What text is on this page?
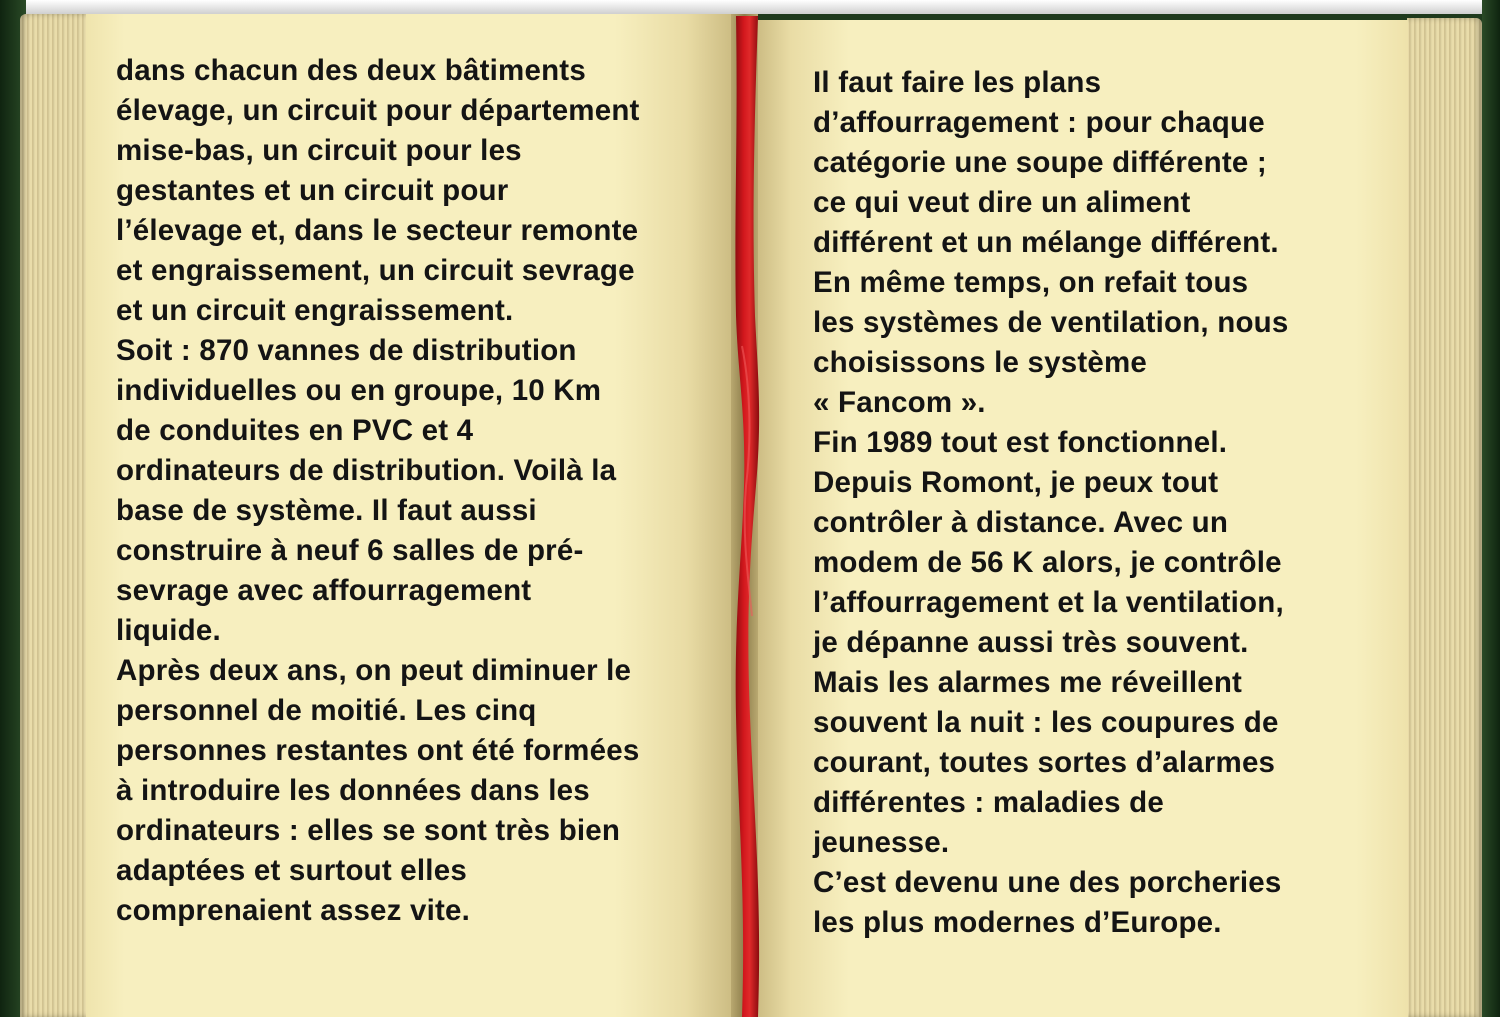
dans chacun des deux bâtiments
élevage, un circuit pour département
mise-bas, un circuit pour les
gestantes et un circuit pour
l’élevage et, dans le secteur remonte
et engraissement, un circuit sevrage
et un circuit engraissement.

Soit : 870 vannes de distribution
individuelles ou en groupe, 10 Km
de conduites en PVC et 4
ordinateurs de distribution. Voilà la
base de système. Il faut aussi
construire à neuf 6 salles de pré-
sevrage avec affourragement
liquide.

Après deux ans, on peut diminuer le
personnel de moitié. Les cinq
personnes restantes ont été formées
à introduire les données dans les
ordinateurs : elles se sont très bien
adaptées et surtout elles
comprenaient assez vite.

Il faut faire les plans
d’affourragement : pour chaque
catégorie une soupe différente ;
ce qui veut dire un aliment
différent et un mélange différent.

En même temps, on refait tous
les systèmes de ventilation, nous
choisissons le système
« Fancom ».

Fin 1989 tout est fonctionnel.
Depuis Romont, je peux tout
contrôler à distance. Avec un
modem de 56 K alors, je contrôle
l’affourragement et la ventilation,
je dépanne aussi très souvent.

Mais les alarmes me réveillent
souvent la nuit : les coupures de
courant, toutes sortes d’alarmes
différentes : maladies de
jeunesse.

C’est devenu une des porcheries
les plus modernes d’Europe.
